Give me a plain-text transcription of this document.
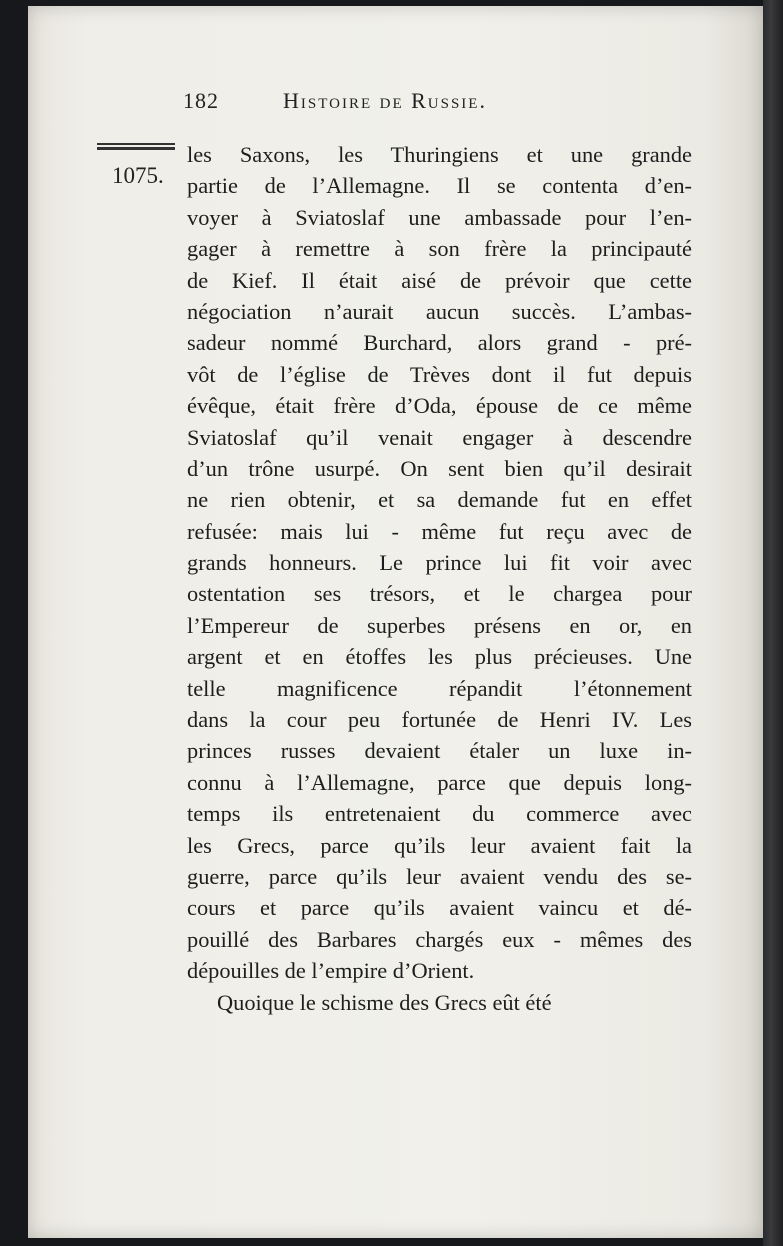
182	Histoire de Russie.
1075.
les Saxons, les Thuringiens et une grande
partie de l’Allemagne. Il se contenta d’en-
voyer à Sviatoslaf une ambassade pour l’en-
gager à remettre à son frère la principauté
de Kief. Il était aisé de prévoir que cette
négociation n’aurait aucun succès. L’ambas-
sadeur nommé Burchard, alors grand - pré-
vôt de l’église de Trèves dont il fut depuis
évêque, était frère d’Oda, épouse de ce même
Sviatoslaf qu’il venait engager à descendre
d’un trône usurpé. On sent bien qu’il desirait
ne rien obtenir, et sa demande fut en effet
refusée: mais lui - même fut reçu avec de
grands honneurs. Le prince lui fit voir avec
ostentation ses trésors, et le chargea pour
l’Empereur de superbes présens en or, en
argent et en étoffes les plus précieuses. Une
telle magnificence répandit l’étonnement
dans la cour peu fortunée de Henri IV. Les
princes russes devaient étaler un luxe in-
connu à l’Allemagne, parce que depuis long-
temps ils entretenaient du commerce avec
les Grecs, parce qu’ils leur avaient fait la
guerre, parce qu’ils leur avaient vendu des se-
cours et parce qu’ils avaient vaincu et dé-
pouillé des Barbares chargés eux - mêmes des
dépouilles de l’empire d’Orient.
Quoique le schisme des Grecs eût été
